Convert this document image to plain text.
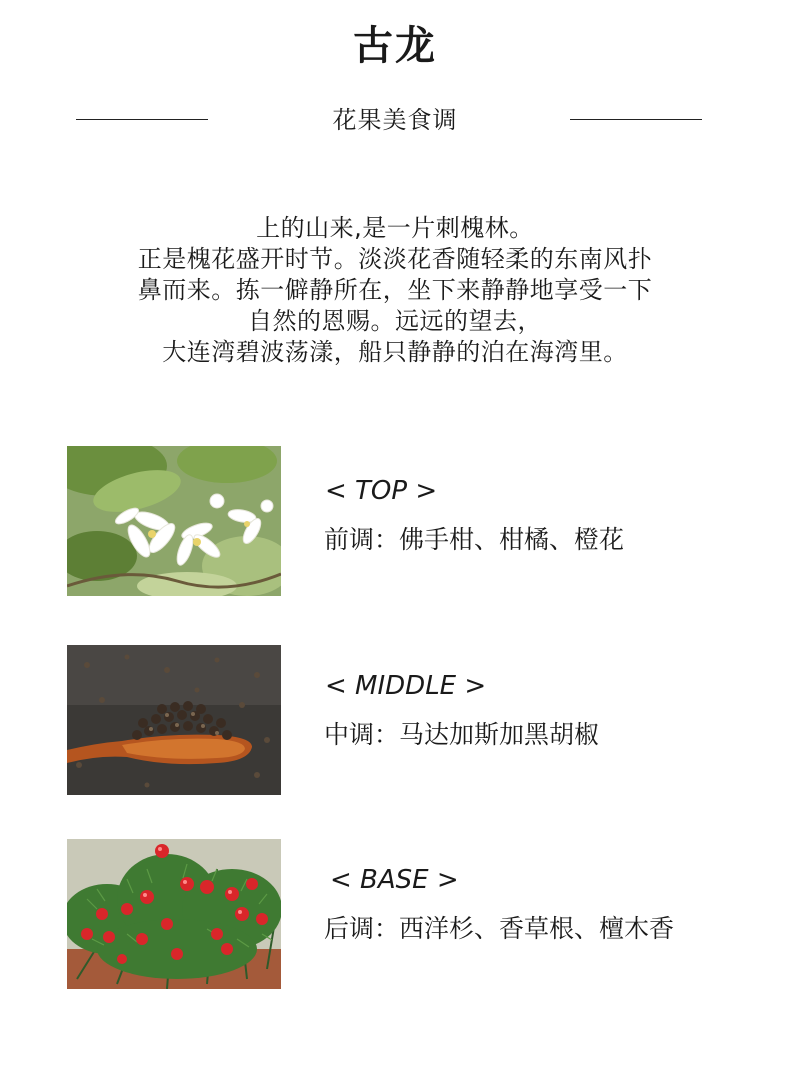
古龙
花果美食调
上的山来,是一片刺槐林。
正是槐花盛开时节。淡淡花香随轻柔的东南风扑
鼻而来。拣一僻静所在，坐下来静静地享受一下
自然的恩赐。远远的望去，
大连湾碧波荡漾，船只静静的泊在海湾里。
< TOP >
前调：佛手柑、柑橘、橙花
< MIDDLE >
中调：马达加斯加黑胡椒
< BASE >
后调：西洋杉、香草根、檀木香
